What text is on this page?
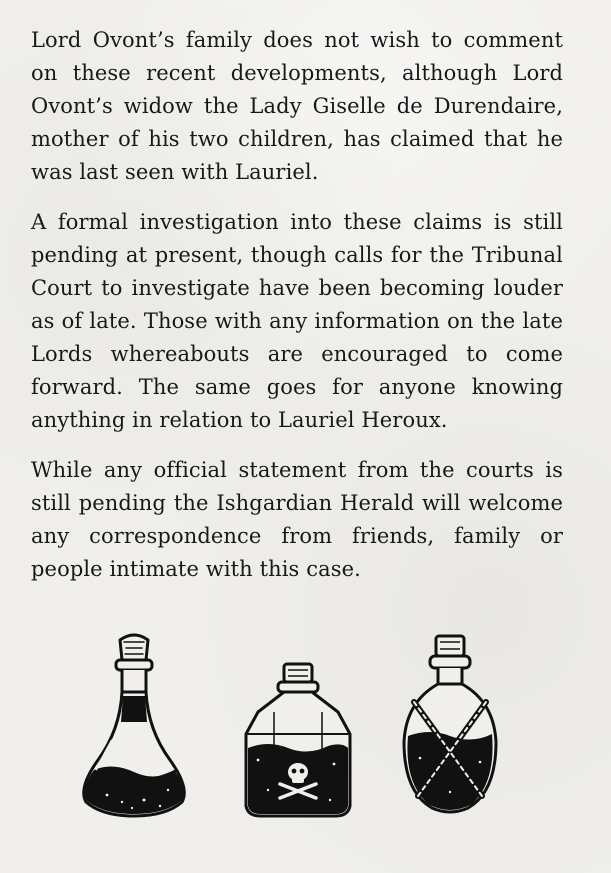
Lord Ovont’s family does not wish to comment on these recent developments, although Lord Ovont’s widow the Lady Giselle de Durendaire, mother of his two children, has claimed that he was last seen with Lauriel.

A formal investigation into these claims is still pending at present, though calls for the Tribunal Court to investigate have been becoming louder as of late. Those with any information on the late Lords whereabouts are encouraged to come forward. The same goes for anyone knowing anything in relation to Lauriel Heroux.

While any official statement from the courts is still pending the Ishgardian Herald will welcome any correspondence from friends, family or people intimate with this case.
